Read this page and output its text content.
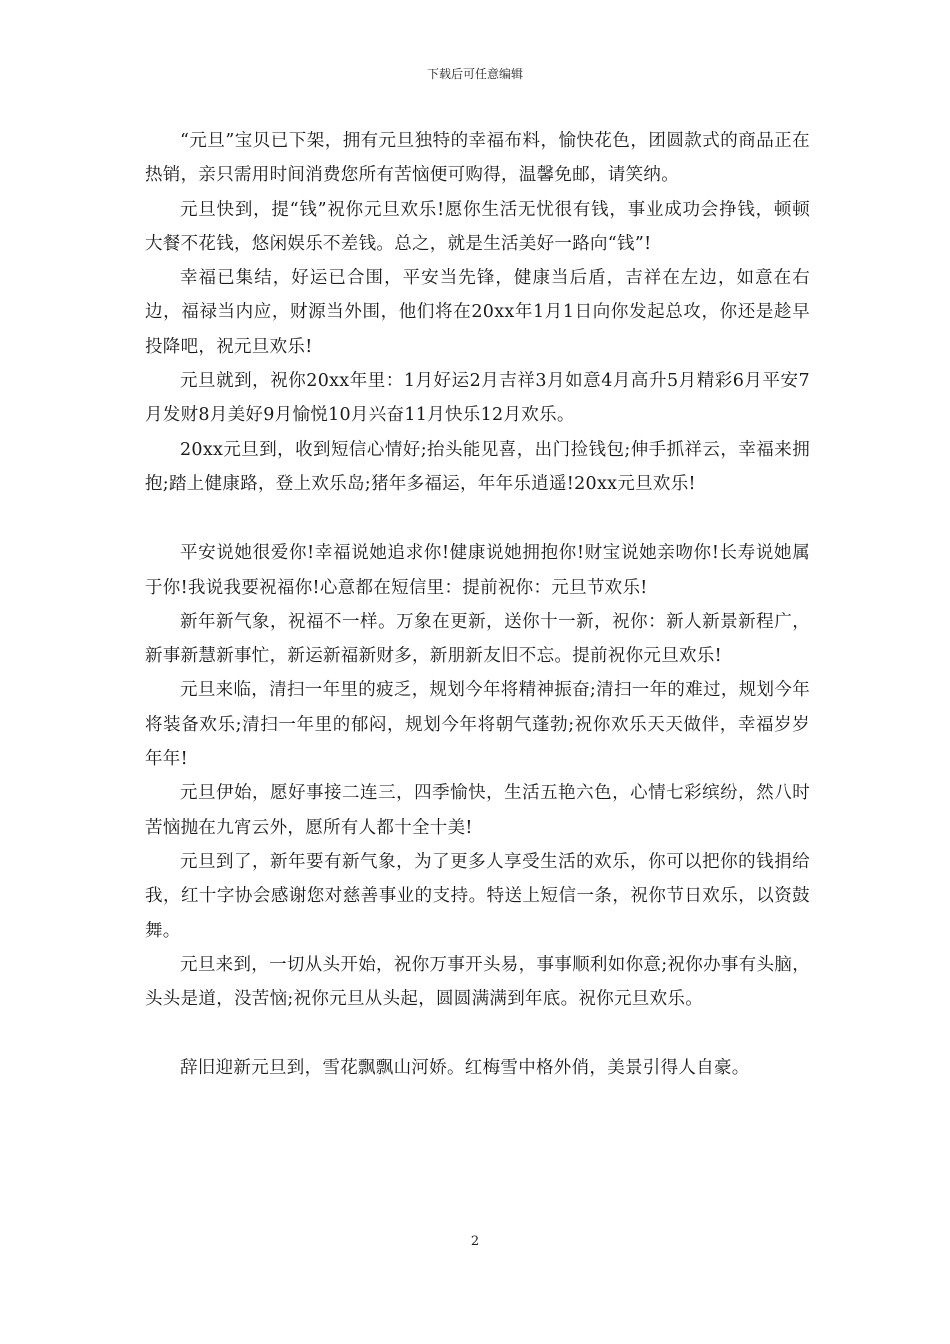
下载后可任意编辑

“元旦”宝贝已下架，拥有元旦独特的幸福布料，愉快花色，团圆款式的商品正在热销，亲只需用时间消费您所有苦恼便可购得，温馨免邮，请笑纳。

元旦快到，提“钱”祝你元旦欢乐!愿你生活无忧很有钱，事业成功会挣钱，顿顿大餐不花钱，悠闲娱乐不差钱。总之，就是生活美好一路向“钱”!

幸福已集结，好运已合围，平安当先锋，健康当后盾，吉祥在左边，如意在右边，福禄当内应，财源当外围，他们将在20xx年1月1日向你发起总攻，你还是趁早投降吧，祝元旦欢乐!

元旦就到，祝你20xx年里：1月好运2月吉祥3月如意4月高升5月精彩6月平安7月发财8月美好9月愉悦10月兴奋11月快乐12月欢乐。

20xx元旦到，收到短信心情好;抬头能见喜，出门捡钱包;伸手抓祥云，幸福来拥抱;踏上健康路，登上欢乐岛;猪年多福运，年年乐逍遥!20xx元旦欢乐!

平安说她很爱你!幸福说她追求你!健康说她拥抱你!财宝说她亲吻你!长寿说她属于你!我说我要祝福你!心意都在短信里：提前祝你：元旦节欢乐!

新年新气象，祝福不一样。万象在更新，送你十一新，祝你：新人新景新程广，新事新慧新事忙，新运新福新财多，新朋新友旧不忘。提前祝你元旦欢乐!

元旦来临，清扫一年里的疲乏，规划今年将精神振奋;清扫一年的难过，规划今年将装备欢乐;清扫一年里的郁闷，规划今年将朝气蓬勃;祝你欢乐天天做伴，幸福岁岁年年!

元旦伊始，愿好事接二连三，四季愉快，生活五艳六色，心情七彩缤纷，然八时苦恼抛在九宵云外，愿所有人都十全十美!

元旦到了，新年要有新气象，为了更多人享受生活的欢乐，你可以把你的钱捐给我，红十字协会感谢您对慈善事业的支持。特送上短信一条，祝你节日欢乐，以资鼓舞。

元旦来到，一切从头开始，祝你万事开头易，事事顺利如你意;祝你办事有头脑，头头是道，没苦恼;祝你元旦从头起，圆圆满满到年底。祝你元旦欢乐。

辞旧迎新元旦到，雪花飘飘山河娇。红梅雪中格外俏，美景引得人自豪。

2
